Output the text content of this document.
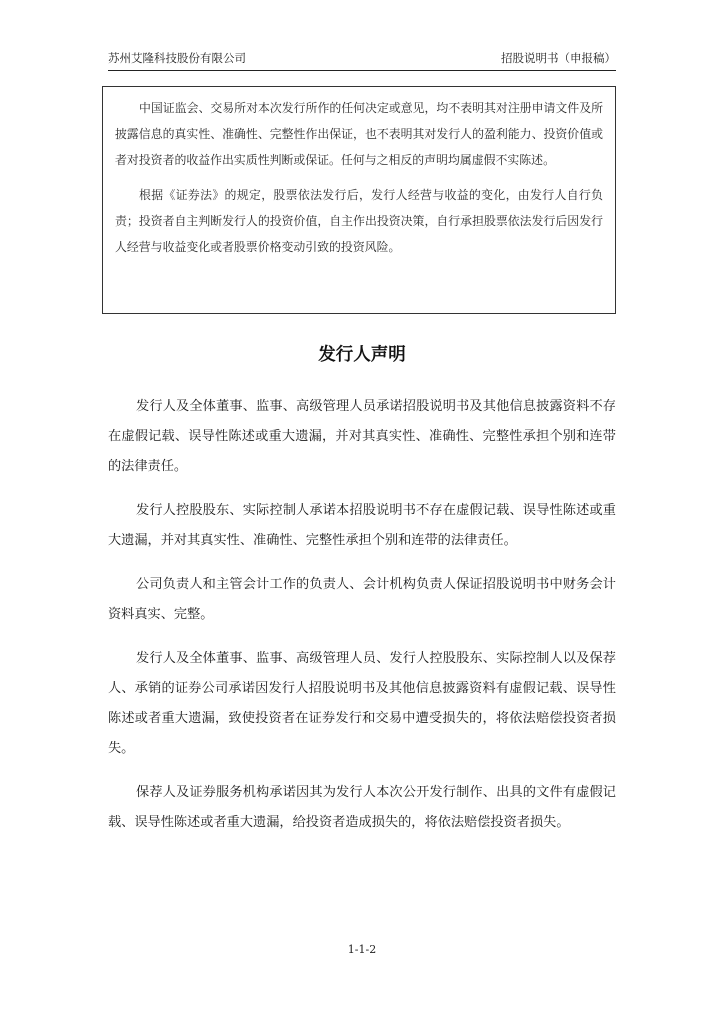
苏州艾隆科技股份有限公司	招股说明书（申报稿）

中国证监会、交易所对本次发行所作的任何决定或意见，均不表明其对注册申请文件及所披露信息的真实性、准确性、完整性作出保证，也不表明其对发行人的盈利能力、投资价值或者对投资者的收益作出实质性判断或保证。任何与之相反的声明均属虚假不实陈述。

根据《证券法》的规定，股票依法发行后，发行人经营与收益的变化，由发行人自行负责；投资者自主判断发行人的投资价值，自主作出投资决策，自行承担股票依法发行后因发行人经营与收益变化或者股票价格变动引致的投资风险。

发行人声明

发行人及全体董事、监事、高级管理人员承诺招股说明书及其他信息披露资料不存在虚假记载、误导性陈述或重大遗漏，并对其真实性、准确性、完整性承担个别和连带的法律责任。

发行人控股股东、实际控制人承诺本招股说明书不存在虚假记载、误导性陈述或重大遗漏，并对其真实性、准确性、完整性承担个别和连带的法律责任。

公司负责人和主管会计工作的负责人、会计机构负责人保证招股说明书中财务会计资料真实、完整。

发行人及全体董事、监事、高级管理人员、发行人控股股东、实际控制人以及保荐人、承销的证券公司承诺因发行人招股说明书及其他信息披露资料有虚假记载、误导性陈述或者重大遗漏，致使投资者在证券发行和交易中遭受损失的，将依法赔偿投资者损失。

保荐人及证券服务机构承诺因其为发行人本次公开发行制作、出具的文件有虚假记载、误导性陈述或者重大遗漏，给投资者造成损失的，将依法赔偿投资者损失。

1-1-2
